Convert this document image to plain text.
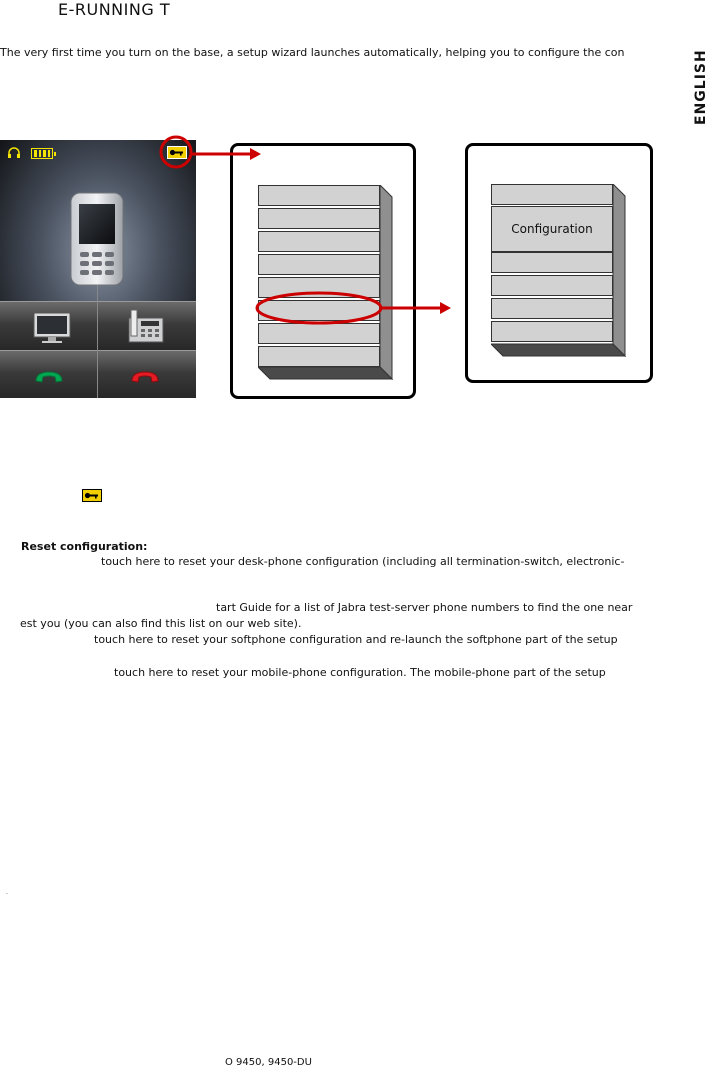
E-RUNNING T
ENGLISH
The very first time you turn on the base, a setup wizard launches automatically, helping you to configure the con
Configuration
Reset configuration:
touch here to reset your desk-phone configuration (including all termination-switch, electronic-
tart Guide for a list of Jabra test-server phone numbers to find the one near
est you (you can also find this list on our web site).
touch here to reset your softphone configuration and re-launch the softphone part of the setup
touch here to reset your mobile-phone configuration. The mobile-phone part of the setup
.
O 9450, 9450-DU
